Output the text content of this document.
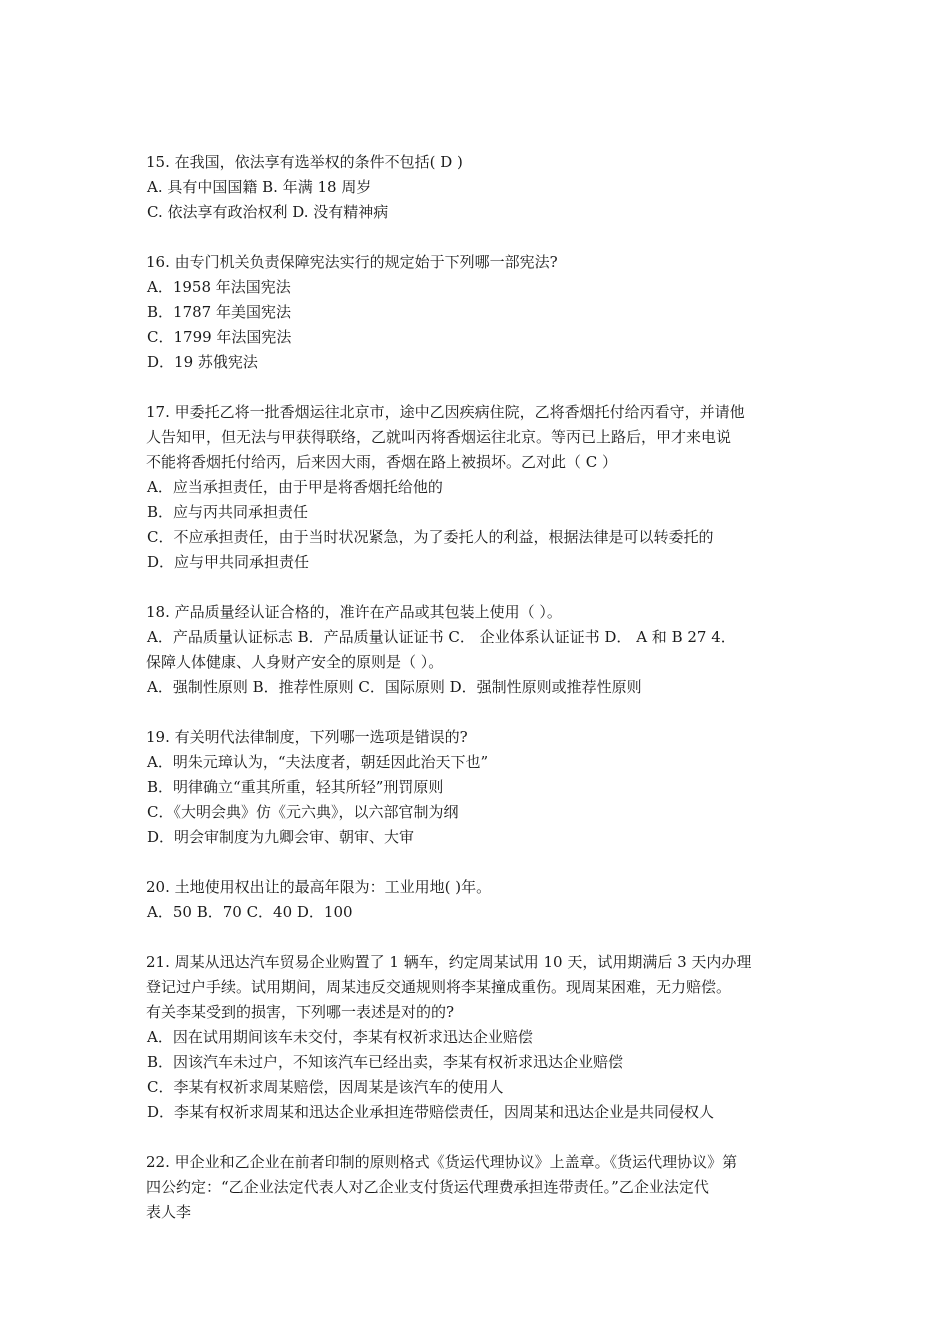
15. 在我国，依法享有选举权的条件不包括( D )
A. 具有中国国籍 B. 年满 18 周岁
C. 依法享有政治权利 D. 没有精神病
16. 由专门机关负责保障宪法实行的规定始于下列哪一部宪法?
A．1958 年法国宪法
B．1787 年美国宪法
C．1799 年法国宪法
D．19 苏俄宪法
17. 甲委托乙将一批香烟运往北京市，途中乙因疾病住院，乙将香烟托付给丙看守，并请他
人告知甲，但无法与甲获得联络，乙就叫丙将香烟运往北京。等丙已上路后，甲才来电说
不能将香烟托付给丙，后来因大雨，香烟在路上被损坏。乙对此（ C ）
A．应当承担责任，由于甲是将香烟托给他的
B．应与丙共同承担责任
C．不应承担责任，由于当时状况紧急，为了委托人的利益，根据法律是可以转委托的
D．应与甲共同承担责任
18. 产品质量经认证合格的，准许在产品或其包装上使用（ ）。
A．产品质量认证标志 B．产品质量认证证书 C． 企业体系认证证书 D． A 和 B 27 4．
保障人体健康、人身财产安全的原则是（ ）。
A．强制性原则 B．推荐性原则 C．国际原则 D．强制性原则或推荐性原则
19. 有关明代法律制度，下列哪一选项是错误的?
A．明朱元璋认为，“夫法度者，朝廷因此治天下也”
B．明律确立“重其所重，轻其所轻”刑罚原则
C．《大明会典》仿《元六典》，以六部官制为纲
D．明会审制度为九卿会审、朝审、大审
20. 土地使用权出让的最高年限为：工业用地( )年。
A．50 B．70 C．40 D．100
21. 周某从迅达汽车贸易企业购置了 1 辆车，约定周某试用 10 天，试用期满后 3 天内办理
登记过户手续。试用期间，周某违反交通规则将李某撞成重伤。现周某困难，无力赔偿。
有关李某受到的损害，下列哪一表述是对的的?
A．因在试用期间该车未交付，李某有权祈求迅达企业赔偿
B．因该汽车未过户，不知该汽车已经出卖，李某有权祈求迅达企业赔偿
C．李某有权祈求周某赔偿，因周某是该汽车的使用人
D．李某有权祈求周某和迅达企业承担连带赔偿责任，因周某和迅达企业是共同侵权人
22. 甲企业和乙企业在前者印制的原则格式《货运代理协议》上盖章。《货运代理协议》第
四公约定：“乙企业法定代表人对乙企业支付货运代理费承担连带责任。”乙企业法定代
表人李
